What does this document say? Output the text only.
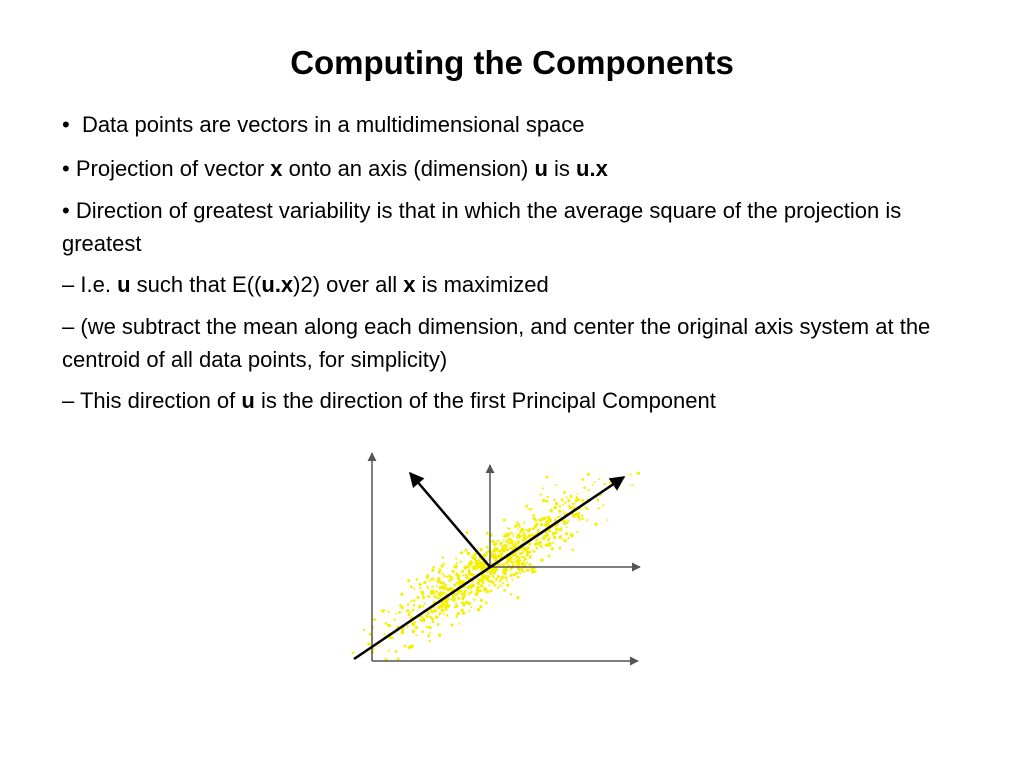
Computing the Components

• Data points are vectors in a multidimensional space

• Projection of vector x onto an axis (dimension) u is u.x

• Direction of greatest variability is that in which the average square of the projection is greatest

– I.e. u such that E((u.x)2) over all x is maximized

– (we subtract the mean along each dimension, and center the original axis system at the centroid of all data points, for simplicity)

– This direction of u is the direction of the first Principal Component
